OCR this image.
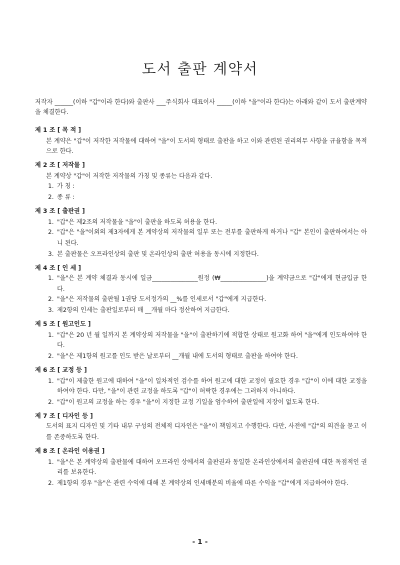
도서 출판 계약서
저작자 ______(이하 "갑"이라 한다)와 출판사 ___주식회사 대표이사 _____(이하 "을"이라 한다)는 아래와 같이 도서 출판계약을 체결한다.
제 1 조 [ 목 적 ]
본 계약은 "갑"이 저작한 저작물에 대하여 "을"이 도서의 형태로 출판을 하고 이와 관련된 권리의무 사항을 규율함을 목적으로 한다.
제 2 조 [ 저작물 ]
본 계약상 "갑"이 저작한 저작물의 가칭 및 종류는 다음과 같다.
1. 가 칭 :
2. 종 류 :
제 3 조 [ 출판권 ]
1. "갑"은 제2조의 저작물을 "을"이 출판을 하도록 허용을 한다.
2. "갑"은 "을"이외의 제3자에게 본 계약상의 저작물의 일부 또는 전부를 출판하게 하거나 "갑" 본인이 출판하여서는 아니 된다.
3. 본 출판물은 오프라인상의 출판 및 온라인상의 출판 허용을 동시에 지정한다.
제 4 조 [ 인 세 ]
1. "을"은 본 계약 체결과 동시에 일금_______________원정 (₩_______________)을 계약금으로 "갑"에게 현금입금 한다.
2. "을"은 저작물의 출판될 1권당 도서정가의 __%를 인세로서 "갑"에게 지급한다.
3. 제2항의 인세는 출판일로부터 매 __개월 마다 정산하여 지급한다.
제 5 조 [ 원고인도 ]
1. "갑"은 20 년 월 일까지 본 계약상의 저작물을 "을"이 출판하기에 적합한 상태로 원고화 하여 "을"에게 인도하여야 한다.
2. "을"은 제1항의 원고를 인도 받은 날로부터 __개월 내에 도서의 형태로 출판을 하여야 한다.
제 6 조 [ 교정 등 ]
1. "갑"이 제출한 원고에 대하여 "을"이 일차적인 검수를 하여 원고에 대한 교정이 필요한 경우 "갑"이 이에 대한 교정을 하여야 한다. 다만, "을"이 관련 교정을 하도록 "갑"이 허락한 경우에는 그러하지 아니하다.
2. "갑"이 원고의 교정을 하는 경우 "을"이 지정한 교정 기일을 엄수하여 출판일에 지장이 없도록 한다.
제 7 조 [ 디자인 등 ]
도서의 표지 디자인 및 기타 내부 구성의 전체적 디자인은 "을"이 책임지고 수행한다. 다만, 사전에 "갑"의 의견을 묻고 이를 존중하도록 한다.
제 8 조 [ 온라인 이용권 ]
1. "을"은 본 계약상의 출판물에 대하여 오프라인 상에서의 출판권과 동일한 온라인상에서의 출판권에 대한 독점적인 권리를 보유한다.
2. 제1항의 경우 "을"은 관련 수익에 대해 본 계약상의 인세배분의 비율에 따른 수익을 "갑"에게 지급하여야 한다.
- 1 -
